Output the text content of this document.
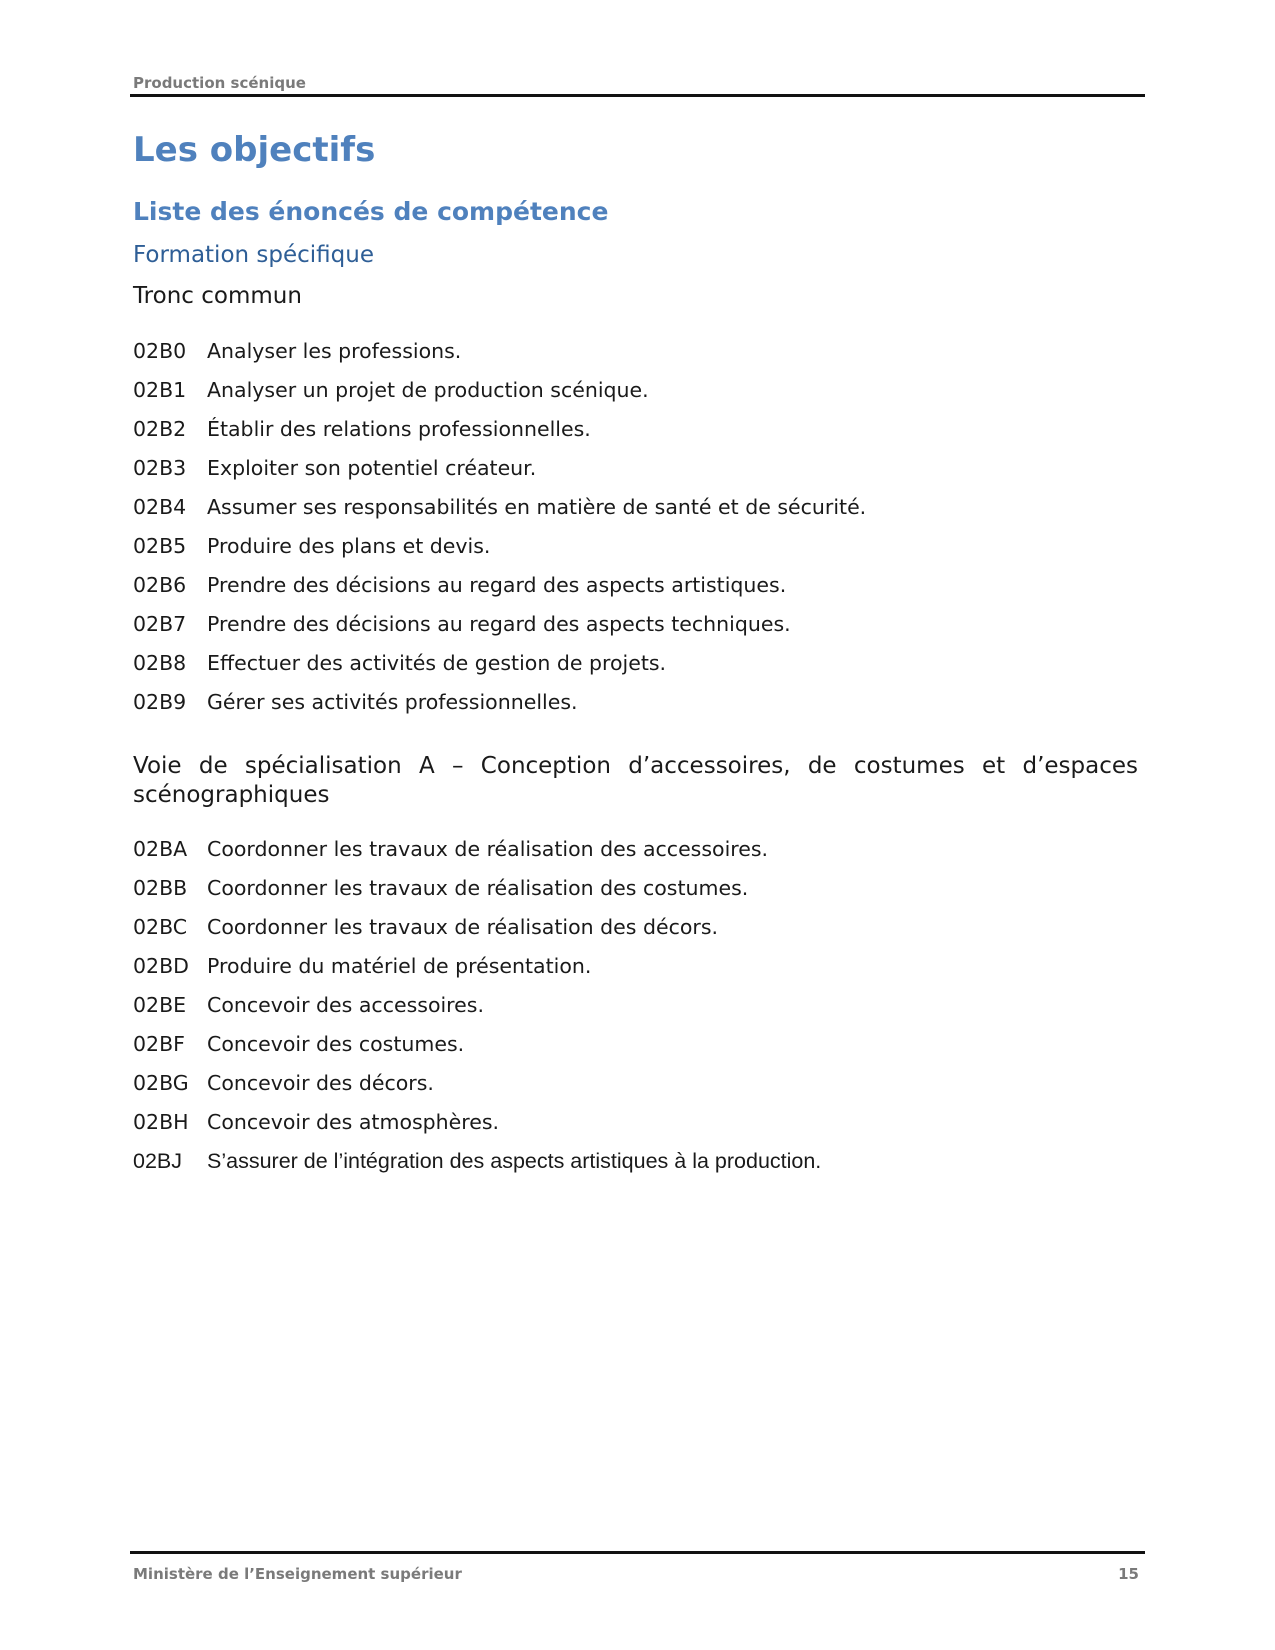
Production scénique
Les objectifs
Liste des énoncés de compétence
Formation spécifique
Tronc commun
02B0	Analyser les professions.
02B1	Analyser un projet de production scénique.
02B2	Établir des relations professionnelles.
02B3	Exploiter son potentiel créateur.
02B4	Assumer ses responsabilités en matière de santé et de sécurité.
02B5	Produire des plans et devis.
02B6	Prendre des décisions au regard des aspects artistiques.
02B7	Prendre des décisions au regard des aspects techniques.
02B8	Effectuer des activités de gestion de projets.
02B9	Gérer ses activités professionnelles.
Voie de spécialisation A – Conception d’accessoires, de costumes et d’espaces scénographiques
02BA Coordonner les travaux de réalisation des accessoires.
02BB Coordonner les travaux de réalisation des costumes.
02BC Coordonner les travaux de réalisation des décors.
02BD Produire du matériel de présentation.
02BE	Concevoir des accessoires.
02BF	Concevoir des costumes.
02BG Concevoir des décors.
02BH Concevoir des atmosphères.
02BJ	S’assurer de l’intégration des aspects artistiques à la production.
Ministère de l’Enseignement supérieur	15
